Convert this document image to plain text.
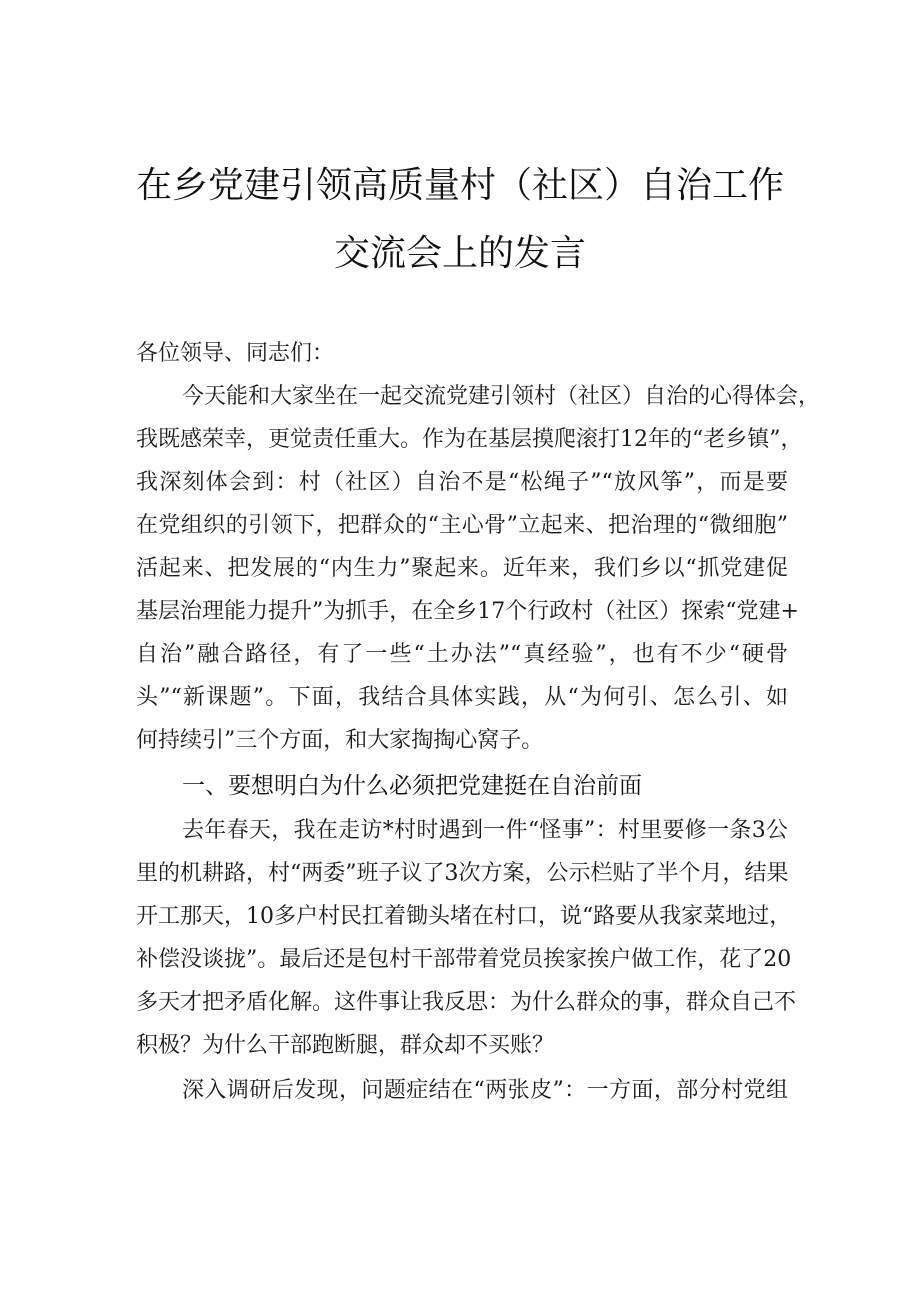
在乡党建引领高质量村（社区）自治工作
交流会上的发言
各位领导、同志们：
今天能和大家坐在一起交流党建引领村（社区）自治的心得体会，
我既感荣幸，更觉责任重大。作为在基层摸爬滚打12年的“老乡镇”，
我深刻体会到：村（社区）自治不是“松绳子”“放风筝”，而是要
在党组织的引领下，把群众的“主心骨”立起来、把治理的“微细胞”
活起来、把发展的“内生力”聚起来。近年来，我们乡以“抓党建促
基层治理能力提升”为抓手，在全乡17个行政村（社区）探索“党建+
自治”融合路径，有了一些“土办法”“真经验”，也有不少“硬骨
头”“新课题”。下面，我结合具体实践，从“为何引、怎么引、如
何持续引”三个方面，和大家掏掏心窝子。
一、要想明白为什么必须把党建挺在自治前面
去年春天，我在走访*村时遇到一件“怪事”：村里要修一条3公
里的机耕路，村“两委”班子议了3次方案，公示栏贴了半个月，结果
开工那天，10多户村民扛着锄头堵在村口，说“路要从我家菜地过，
补偿没谈拢”。最后还是包村干部带着党员挨家挨户做工作，花了20
多天才把矛盾化解。这件事让我反思：为什么群众的事，群众自己不
积极？为什么干部跑断腿，群众却不买账？
深入调研后发现，问题症结在“两张皮”：一方面，部分村党组
